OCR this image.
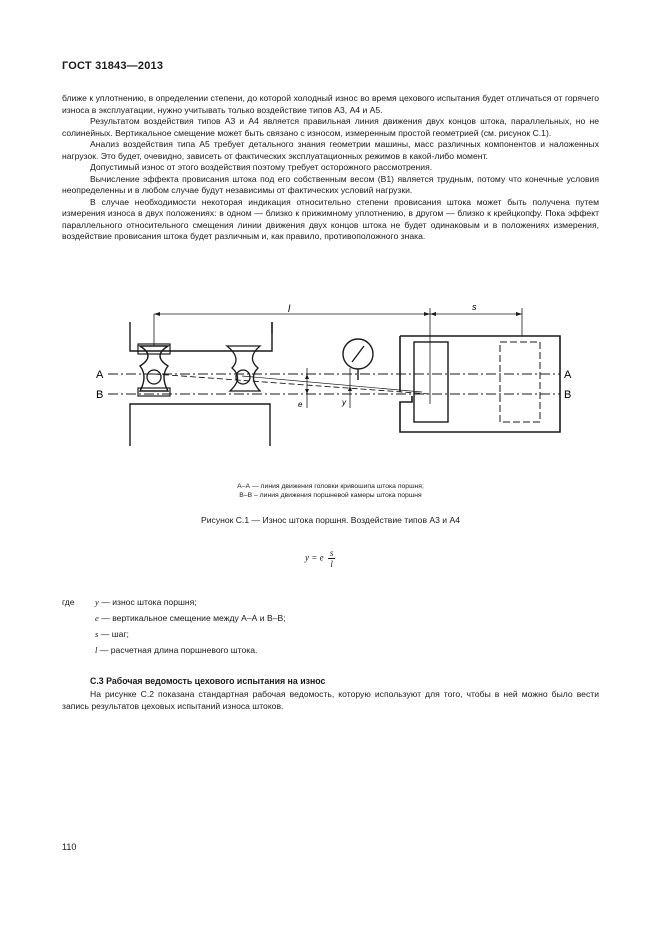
ГОСТ 31843—2013

ближе к уплотнению, в определении степени, до которой холодный износ во время цехового испытания будет отличаться от горячего износа в эксплуатации, нужно учитывать только воздействие типов А3, А4 и А5.

Результатом воздействия типов А3 и А4 является правильная линия движения двух концов штока, параллельных, но не солинейных. Вертикальное смещение может быть связано с износом, измеренным простой геометрией (см. рисунок С.1).

Анализ воздействия типа А5 требует детального знания геометрии машины, масс различных компонентов и наложенных нагрузок. Это будет, очевидно, зависеть от фактических эксплуатационных режимов в какой-либо момент.

Допустимый износ от этого воздействия поэтому требует осторожного рассмотрения.

Вычисление эффекта провисания штока под его собственным весом (В1) является трудным, потому что конечные условия неопределенны и в любом случае будут независимы от фактических условий нагрузки.

В случае необходимости некоторая индикация относительно степени провисания штока может быть получена путем измерения износа в двух положениях: в одном — близко к прижимному уплотнению, в другом — близко к крейцкопфу. Пока эффект параллельного относительного смещения линии движения двух концов штока не будет одинаковым и в положениях измерения, воздействие провисания штока будет различным и, как правило, противоположного знака.

l	s
A
B
A
B
e	y
А–А — линия движения головки кривошипа штока поршня;
В–В – линия движения поршневой камеры штока поршня
Рисунок С.1 — Износ штока поршня. Воздействие типов А3 и А4
y = e $\frac{s}{l}$
где y — износ штока поршня;
e — вертикальное смещение между А–А и В–В;
s — шаг;
l — расчетная длина поршневого штока.
С.3 Рабочая ведомость цехового испытания на износ

На рисунке С.2 показана стандартная рабочая ведомость, которую используют для того, чтобы в ней можно было вести запись результатов цеховых испытаний износа штоков.

110
